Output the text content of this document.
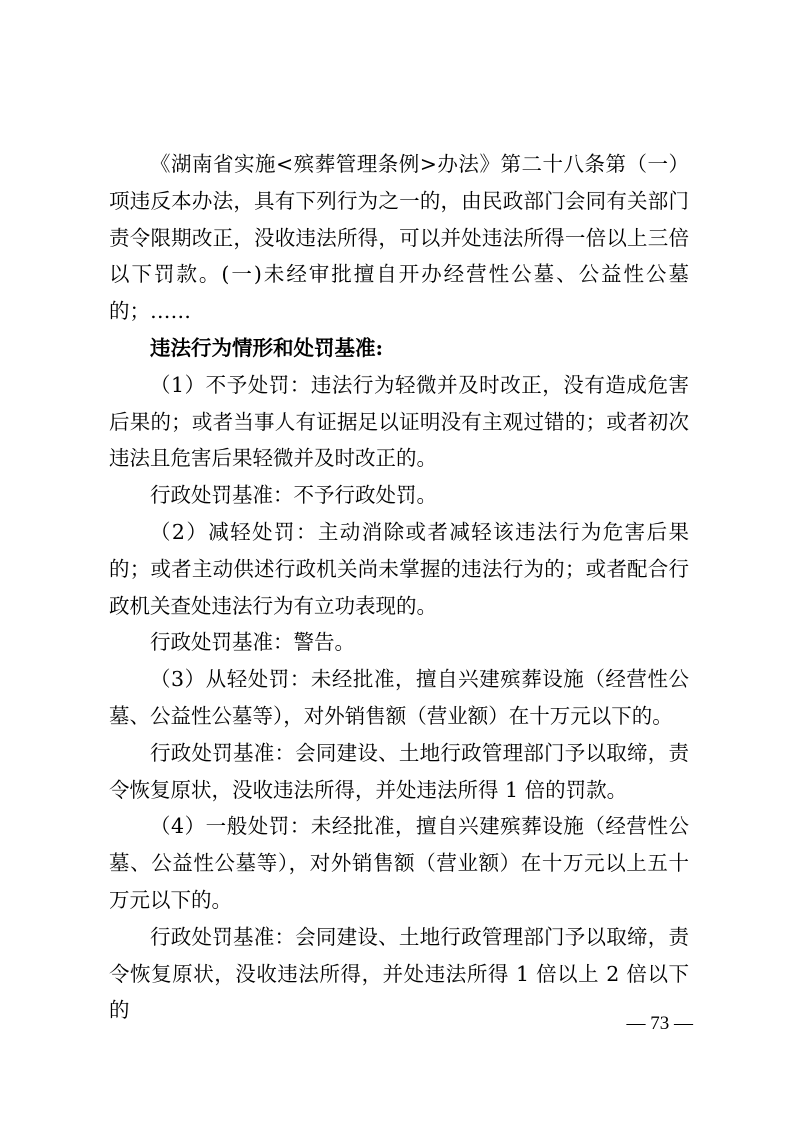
《湖南省实施<殡葬管理条例>办法》第二十八条第（一）项违反本办法，具有下列行为之一的，由民政部门会同有关部门责令限期改正，没收违法所得，可以并处违法所得一倍以上三倍以下罚款。(一)未经审批擅自开办经营性公墓、公益性公墓的；……

违法行为情形和处罚基准:

（1）不予处罚：违法行为轻微并及时改正，没有造成危害后果的；或者当事人有证据足以证明没有主观过错的；或者初次违法且危害后果轻微并及时改正的。

行政处罚基准：不予行政处罚。

（2）减轻处罚：主动消除或者减轻该违法行为危害后果的；或者主动供述行政机关尚未掌握的违法行为的；或者配合行政机关查处违法行为有立功表现的。

行政处罚基准：警告。

（3）从轻处罚：未经批准，擅自兴建殡葬设施（经营性公墓、公益性公墓等），对外销售额（营业额）在十万元以下的。

行政处罚基准：会同建设、土地行政管理部门予以取缔，责令恢复原状，没收违法所得，并处违法所得 1 倍的罚款。

（4）一般处罚：未经批准，擅自兴建殡葬设施（经营性公墓、公益性公墓等），对外销售额（营业额）在十万元以上五十万元以下的。

行政处罚基准：会同建设、土地行政管理部门予以取缔，责令恢复原状，没收违法所得，并处违法所得 1 倍以上 2 倍以下的

— 73 —
